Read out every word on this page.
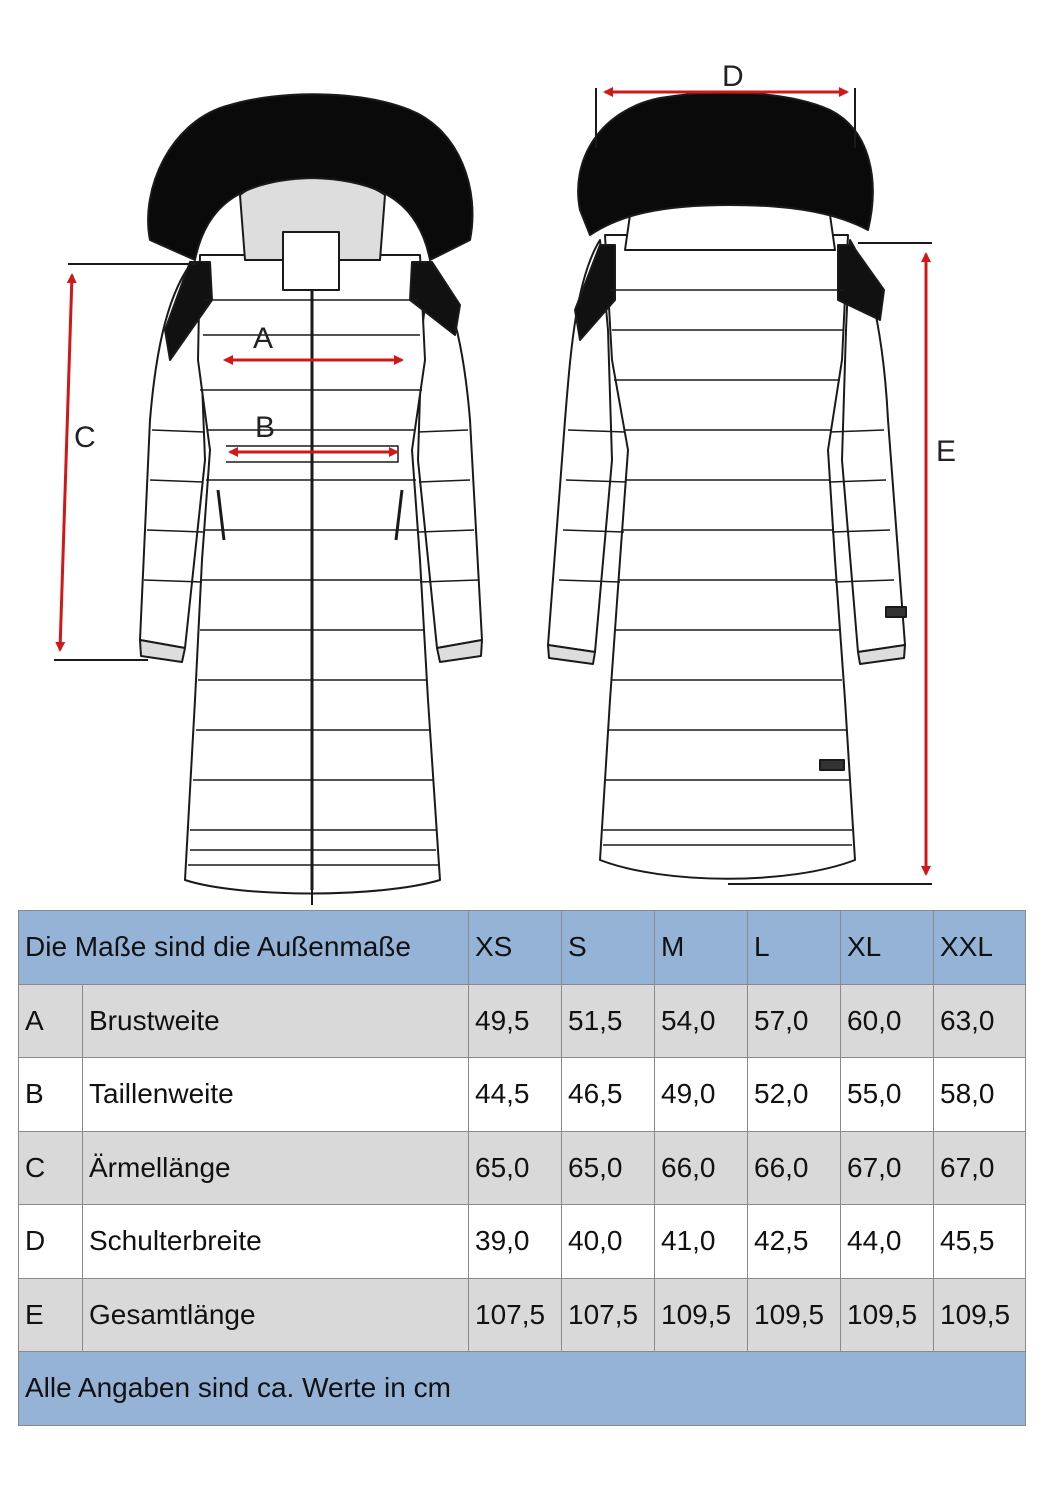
A
B
C
D
E
Die Maße sind die Außenmaße		XS	S	M	L	XL	XXL
A	Brustweite	49,5	51,5	54,0	57,0	60,0	63,0
B	Taillenweite	44,5	46,5	49,0	52,0	55,0	58,0
C	Ärmellänge	65,0	65,0	66,0	66,0	67,0	67,0
D	Schulterbreite	39,0	40,0	41,0	42,5	44,0	45,5
E	Gesamtlänge	107,5	107,5	109,5	109,5	109,5	109,5
Alle Angaben sind ca. Werte in cm							
